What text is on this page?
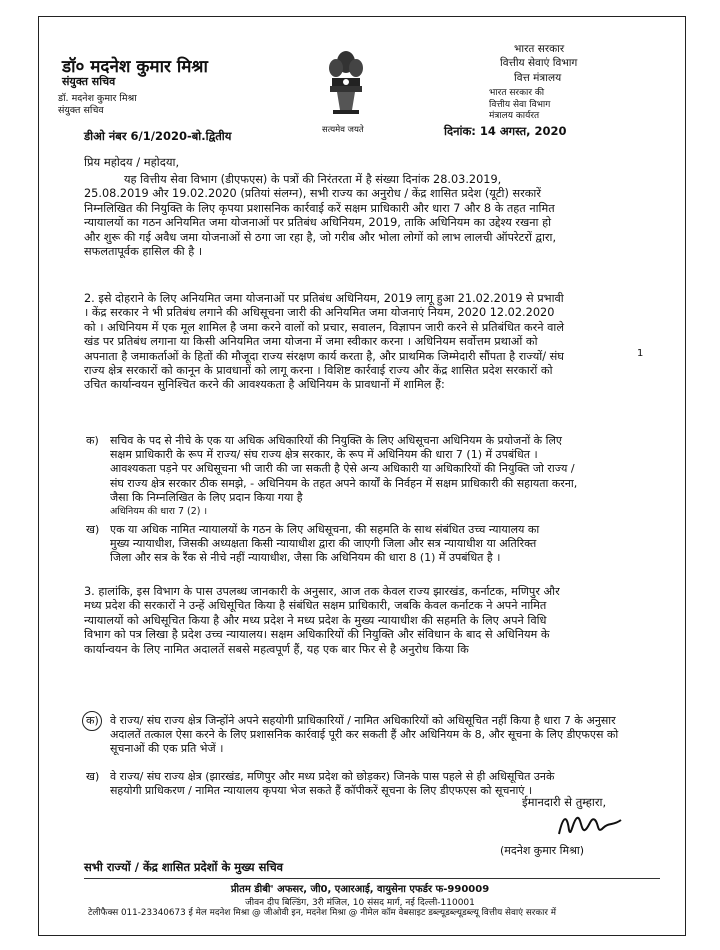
डॉ० मदनेश कुमार मिश्रा
संयुक्त सचिव
डॉ. मदनेश कुमार मिश्रा
संयुक्त सचिव
सत्यमेव जयते
भारत सरकार
वित्तीय सेवाएं विभाग
वित्त मंत्रालय
भारत सरकार की
वित्तीय सेवा विभाग
मंत्रालय कार्यरत
डीओ नंबर 6/1/2020-बो.द्वितीय	दिनांक: 14 अगस्त, 2020
प्रिय महोदय / महोदया,
यह वित्तीय सेवा विभाग (डीएफएस) के पत्रों की निरंतरता में है संख्या दिनांक 28.03.2019, 25.08.2019 और 19.02.2020 (प्रतियां संलग्न), सभी राज्य का अनुरोध / केंद्र शासित प्रदेश (यूटी) सरकारें निम्नलिखित की नियुक्ति के लिए कृपया प्रशासनिक कार्रवाई करें सक्षम प्राधिकारी और धारा 7 और 8 के तहत नामित न्यायालयों का गठन अनियमित जमा योजनाओं पर प्रतिबंध अधिनियम, 2019, ताकि अधिनियम का उद्देश्य रखना हो और शुरू की गई अवैध जमा योजनाओं से ठगा जा रहा है, जो गरीब और भोला लोगों को लाभ लालची ऑपरेटरों द्वारा, सफलतापूर्वक हासिल की है ।
2. इसे दोहराने के लिए अनियमित जमा योजनाओं पर प्रतिबंध अधिनियम, 2019 लागू हुआ 21.02.2019 से प्रभावी । केंद्र सरकार ने भी प्रतिबंध लगाने की अधिसूचना जारी की अनियमित जमा योजनाएं नियम, 2020 12.02.2020 को । अधिनियम में एक मूल शामिल है जमा करने वालों को प्रचार, सवालन, विज्ञापन जारी करने से प्रतिबंधित करने वाले खंड पर प्रतिबंध लगाना या किसी अनियमित जमा योजना में जमा स्वीकार करना । अधिनियम सर्वोत्तम प्रथाओं को अपनाता है जमाकर्ताओं के हितों की मौजूदा राज्य संरक्षण कार्य करता है, और प्राथमिक जिम्मेदारी सौंपता है राज्यों/ संघ राज्य क्षेत्र सरकारों को कानून के प्रावधानों को लागू करना । विशिष्ट कार्रवाई राज्य और केंद्र शासित प्रदेश सरकारों को उचित कार्यान्वयन सुनिश्चित करने की आवश्यकता है अधिनियम के प्रावधानों में शामिल हैं:
1
क) सचिव के पद से नीचे के एक या अधिक अधिकारियों की नियुक्ति के लिए अधिसूचना अधिनियम के प्रयोजनों के लिए सक्षम प्राधिकारी के रूप में राज्य/ संघ राज्य क्षेत्र सरकार, के रूप में अधिनियम की धारा 7 (1) में उपबंधित । आवश्यकता पड़ने पर अधिसूचना भी जारी की जा सकती है ऐसे अन्य अधिकारी या अधिकारियों की नियुक्ति जो राज्य / संघ राज्य क्षेत्र सरकार ठीक समझे, - अधिनियम के तहत अपने कार्यों के निर्वहन में सक्षम प्राधिकारी की सहायता करना, जैसा कि निम्नलिखित के लिए प्रदान किया गया है
अधिनियम की धारा 7 (2) ।
ख) एक या अधिक नामित न्यायालयों के गठन के लिए अधिसूचना, की सहमति के साथ संबंधित उच्च न्यायालय का मुख्य न्यायाधीश, जिसकी अध्यक्षता किसी न्यायाधीश द्वारा की जाएगी जिला और सत्र न्यायाधीश या अतिरिक्त जिला और सत्र के रैंक से नीचे नहीं न्यायाधीश, जैसा कि अधिनियम की धारा 8 (1) में उपबंधित है ।
3. हालांकि, इस विभाग के पास उपलब्ध जानकारी के अनुसार, आज तक केवल राज्य झारखंड, कर्नाटक, मणिपुर और मध्य प्रदेश की सरकारों ने उन्हें अधिसूचित किया है संबंधित सक्षम प्राधिकारी, जबकि केवल कर्नाटक ने अपने नामित न्यायालयों को अधिसूचित किया है और मध्य प्रदेश ने मध्य प्रदेश के मुख्य न्यायाधीश की सहमति के लिए अपने विधि विभाग को पत्र लिखा है प्रदेश उच्च न्यायालय। सक्षम अधिकारियों की नियुक्ति और संविधान के बाद से अधिनियम के कार्यान्वयन के लिए नामित अदालतें सबसे महत्वपूर्ण हैं, यह एक बार फिर से है अनुरोध किया कि
क) वे राज्य/ संघ राज्य क्षेत्र जिन्होंने अपने सहयोगी प्राधिकारियों / नामित अधिकारियों को अधिसूचित नहीं किया है धारा 7 के अनुसार अदालतें तत्काल ऐसा करने के लिए प्रशासनिक कार्रवाई पूरी कर सकती हैं और अधिनियम के 8, और सूचना के लिए डीएफएस को सूचनाओं की एक प्रति भेजें ।
ख) वे राज्य/ संघ राज्य क्षेत्र (झारखंड, मणिपुर और मध्य प्रदेश को छोड़कर) जिनके पास पहले से ही अधिसूचित उनके सहयोगी प्राधिकरण / नामित न्यायालय कृपया भेज सकते हैं कॉपीकरें सूचना के लिए डीएफएस को सूचनाएं ।
ईमानदारी से तुम्हारा,
(मदनेश कुमार मिश्रा)
सभी राज्यों / केंद्र शासित प्रदेशों के मुख्य सचिव
प्रीतम डीबी' अफसर, जी0, एआरआई, वायुसेना एफर्डर फ-990009
जीवन दीप बिल्डिंग, 3री मंजिल, 10 संसद मार्ग, नई दिल्ली-110001
टेलीफैक्स 011-23340673 ई मेल मदनेश मिश्रा @ जीओवी इन, मदनेश मिश्रा @ नीमेल कॉम वेबसाइट डब्ल्यूडब्ल्यूडब्ल्यू वित्तीय सेवाएं सरकार में
